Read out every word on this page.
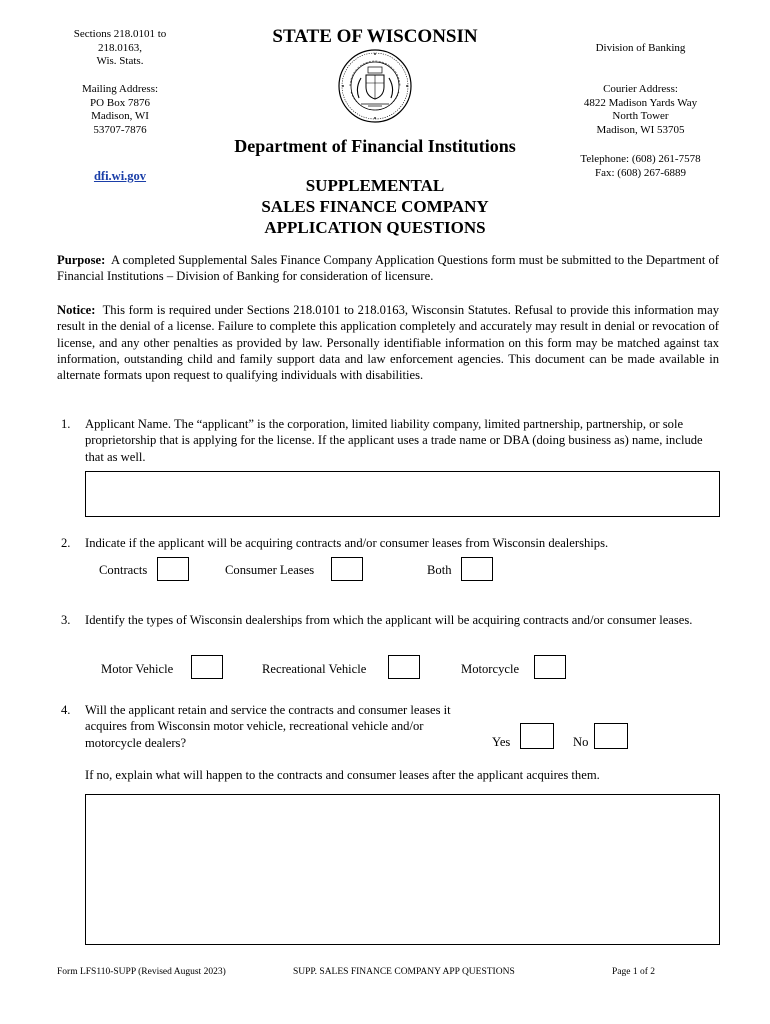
Sections 218.0101 to
218.0163,
Wis. Stats.
Mailing Address:
PO Box 7876
Madison, WI
53707-7876
dfi.wi.gov
STATE OF WISCONSIN
Department of Financial Institutions
SUPPLEMENTAL
SALES FINANCE COMPANY
APPLICATION QUESTIONS
Division of Banking
Courier Address:
4822 Madison Yards Way
North Tower
Madison, WI 53705
Telephone: (608) 261-7578
Fax: (608) 267-6889
Purpose: A completed Supplemental Sales Finance Company Application Questions form must be submitted to the Department of Financial Institutions – Division of Banking for consideration of licensure.
Notice: This form is required under Sections 218.0101 to 218.0163, Wisconsin Statutes. Refusal to provide this information may result in the denial of a license. Failure to complete this application completely and accurately may result in denial or revocation of license, and any other penalties as provided by law. Personally identifiable information on this form may be matched against tax information, outstanding child and family support data and law enforcement agencies. This document can be made available in alternate formats upon request to qualifying individuals with disabilities.
1. Applicant Name. The “applicant” is the corporation, limited liability company, limited partnership, partnership, or sole proprietorship that is applying for the license. If the applicant uses a trade name or DBA (doing business as) name, include that as well.
2. Indicate if the applicant will be acquiring contracts and/or consumer leases from Wisconsin dealerships.
Contracts	Consumer Leases	Both
3. Identify the types of Wisconsin dealerships from which the applicant will be acquiring contracts and/or consumer leases.
Motor Vehicle	Recreational Vehicle	Motorcycle
4. Will the applicant retain and service the contracts and consumer leases it
acquires from Wisconsin motor vehicle, recreational vehicle and/or
motorcycle dealers?	Yes	No
If no, explain what will happen to the contracts and consumer leases after the applicant acquires them.
Form LFS110-SUPP (Revised August 2023)	SUPP. SALES FINANCE COMPANY APP QUESTIONS	Page 1 of 2
